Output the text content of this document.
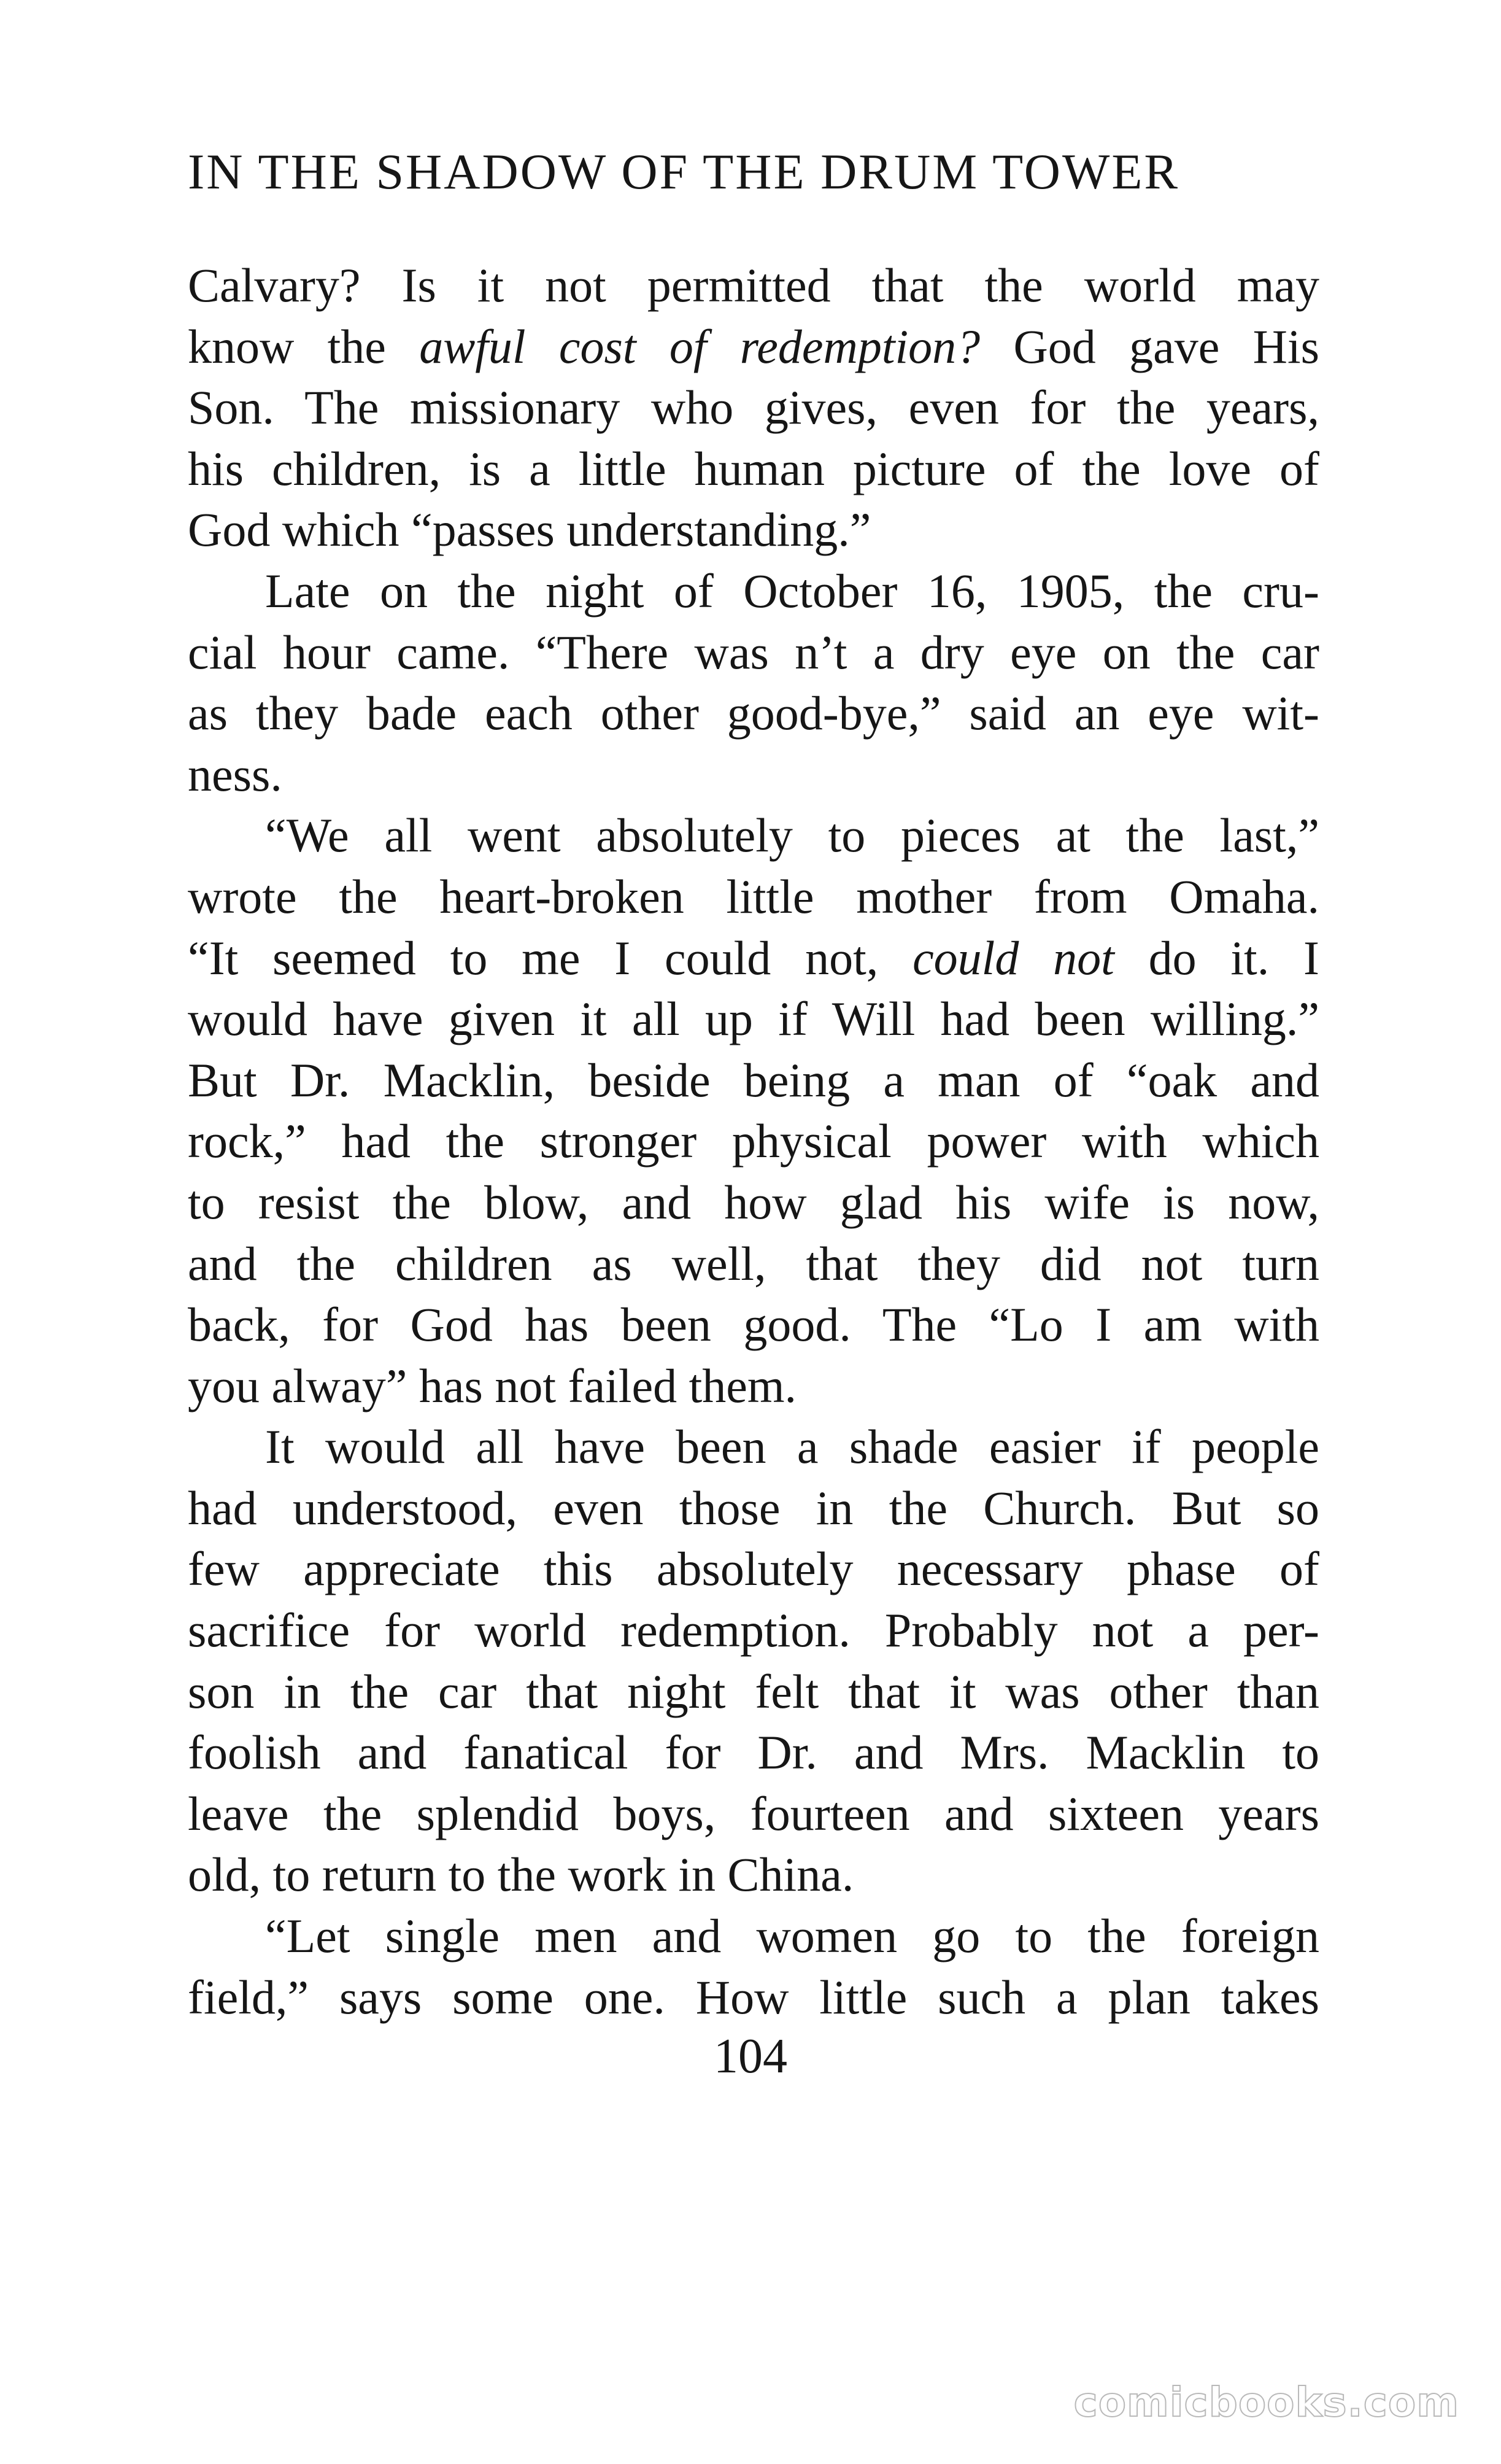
IN THE SHADOW OF THE DRUM TOWER
Calvary? Is it not permitted that the world may
know the awful cost of redemption? God gave His
Son. The missionary who gives, even for the years,
his children, is a little human picture of the love of
God which “passes understanding.”
Late on the night of October 16, 1905, the cru-
cial hour came. “There was n’t a dry eye on the car
as they bade each other good-bye,” said an eye wit-
ness.
“We all went absolutely to pieces at the last,”
wrote the heart-broken little mother from Omaha.
“It seemed to me I could not, could not do it. I
would have given it all up if Will had been willing.”
But Dr. Macklin, beside being a man of “oak and
rock,” had the stronger physical power with which
to resist the blow, and how glad his wife is now,
and the children as well, that they did not turn
back, for God has been good. The “Lo I am with
you alway” has not failed them.
It would all have been a shade easier if people
had understood, even those in the Church. But so
few appreciate this absolutely necessary phase of
sacrifice for world redemption. Probably not a per-
son in the car that night felt that it was other than
foolish and fanatical for Dr. and Mrs. Macklin to
leave the splendid boys, fourteen and sixteen years
old, to return to the work in China.
“Let single men and women go to the foreign
field,” says some one. How little such a plan takes
104
comicbooks.com
